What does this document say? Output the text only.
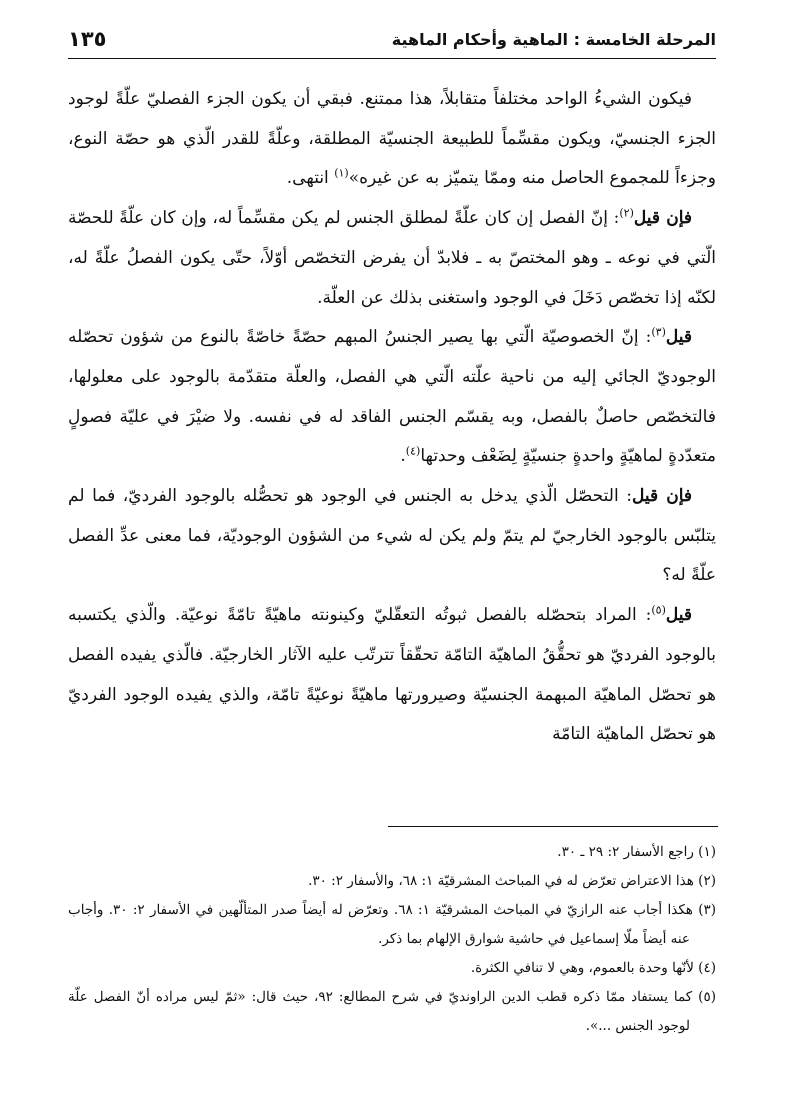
١٣٥	المرحلة الخامسة : الماهية وأحكام الماهية

فيكون الشيءُ الواحد مختلفاً متقابلاً، هذا ممتنع. فبقي أن يكون الجزء الفصليّ علّةً لوجود الجزء الجنسيّ، ويكون مقسِّماً للطبيعة الجنسيّة المطلقة، وعلّةً للقدر الّذي هو حصّة النوع، وجزءاً للمجموع الحاصل منه وممّا يتميّز به عن غيره»$^{(١)}$ انتهى.

فإن قيل$^{(٢)}$: إنّ الفصل إن كان علّةً لمطلق الجنس لم يكن مقسِّماً له، وإن كان علّةً للحصّة الّتي في نوعه ـ وهو المختصّ به ـ فلابدّ أن يفرض التخصّص أوّلاً، حتّى يكون الفصلُ علّةً له، لكنّه إذا تخصّص دَخَلَ في الوجود واستغنى بذلك عن العلّة.

قيل$^{(٣)}$: إنّ الخصوصيّة الّتي بها يصير الجنسُ المبهم حصّةً خاصّةً بالنوع من شؤون تحصّله الوجوديّ الجائي إليه من ناحية علّته الّتي هي الفصل، والعلّة متقدّمة بالوجود على معلولها، فالتخصّص حاصلٌ بالفصل، وبه يقسّم الجنس الفاقد له في نفسه. ولا ضيْرَ في عليّة فصولٍ متعدّدةٍ لماهيّةٍ واحدةٍ جنسيّةٍ لِضَعْف وحدتها$^{(٤)}$.

فإن قيل: التحصّل الّذي يدخل به الجنس في الوجود هو تحصُّله بالوجود الفرديّ، فما لم يتلبّس بالوجود الخارجيّ لم يتمّ ولم يكن له شيء من الشؤون الوجوديّة، فما معنى عدِّ الفصل علّةً له؟

قيل$^{(٥)}$: المراد بتحصّله بالفصل ثبوتُه التعقّليّ وكينونته ماهيّةً تامّةً نوعيّة. والّذي يكتسبه بالوجود الفرديّ هو تحقُّقُ الماهيّة التامّة تحقّقاً تترتّب عليه الآثار الخارجيّة. فالّذي يفيده الفصل هو تحصّل الماهيّة المبهمة الجنسيّة وصيرورتها ماهيّةً نوعيّةً تامّة، والذي يفيده الوجود الفرديّ هو تحصّل الماهيّة التامّة

(١) راجع الأسفار ٢: ٢٩ ـ ٣٠.

(٢) هذا الاعتراض تعرّض له في المباحث المشرقيّة ١: ٦٨، والأسفار ٢: ٣٠.

(٣) هكذا أجاب عنه الرازيّ في المباحث المشرقيّة ١: ٦٨. وتعرّض له أيضاً صدر المتألّهين في الأسفار ٢: ٣٠. وأجاب عنه أيضاً ملّا إسماعيل في حاشية شوارق الإلهام بما ذكر.

(٤) لأنّها وحدة بالعموم، وهي لا تنافي الكثرة.

(٥) كما يستفاد ممّا ذكره قطب الدين الراونديّ في شرح المطالع: ٩٢، حيث قال: «ثمّ ليس مراده أنّ الفصل علّة لوجود الجنس ...».
